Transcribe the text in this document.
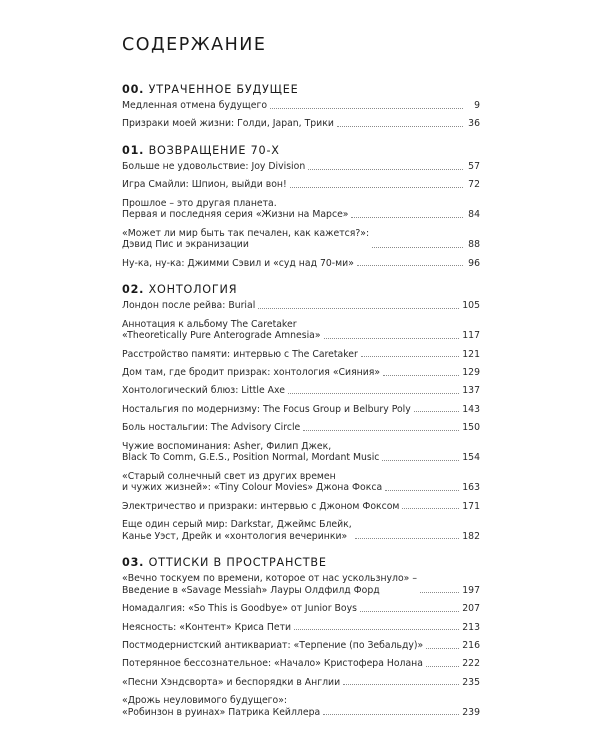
СОДЕРЖАНИЕ
00. УТРАЧЕННОЕ БУДУЩЕЕ
Медленная отмена будущего	9
Призраки моей жизни: Голди, Japan, Трики	36
01. ВОЗВРАЩЕНИЕ 70-Х
Больше не удовольствие: Joy Division	57
Игра Смайли: Шпион, выйди вон!	72
Прошлое – это другая планета.
Первая и последняя серия «Жизни на Марсе»	84
«Может ли мир быть так печален, как кажется?»:
Дэвид Пис и экранизации	88
Ну-ка, ну-ка: Джимми Сэвил и «суд над 70-ми»	96
02. ХОНТОЛОГИЯ
Лондон после рейва: Burial	105
Аннотация к альбому The Caretaker
«Theoretically Pure Anterograde Amnesia»	117
Расстройство памяти: интервью с The Caretaker	121
Дом там, где бродит призрак: хонтология «Сияния»	129
Хонтологический блюз: Little Axe	137
Ностальгия по модернизму: The Focus Group и Belbury Poly	143
Боль ностальгии: The Advisory Circle	150
Чужие воспоминания: Asher, Филип Джек,
Black To Comm, G.E.S., Position Normal, Mordant Music	154
«Старый солнечный свет из других времен
и чужих жизней»: «Tiny Colour Movies» Джона Фокса	163
Электричество и призраки: интервью с Джоном Фоксом	171
Еще один серый мир: Darkstar, Джеймс Блейк,
Канье Уэст, Дрейк и «хонтология вечеринки»	182
03. ОТТИСКИ В ПРОСТРАНСТВЕ
«Вечно тоскуем по времени, которое от нас ускользнуло» –
Введение в «Savage Messiah» Лауры Олдфилд Форд	197
Номадалгия: «So This is Goodbye» от Junior Boys	207
Неясность: «Контент» Криса Пети	213
Постмодернистский антиквариат: «Терпение (по Зебальду)»	216
Потерянное бессознательное: «Начало» Кристофера Нолана	222
«Песни Хэндсворта» и беспорядки в Англии	235
«Дрожь неуловимого будущего»:
«Робинзон в руинах» Патрика Кейллера	239
